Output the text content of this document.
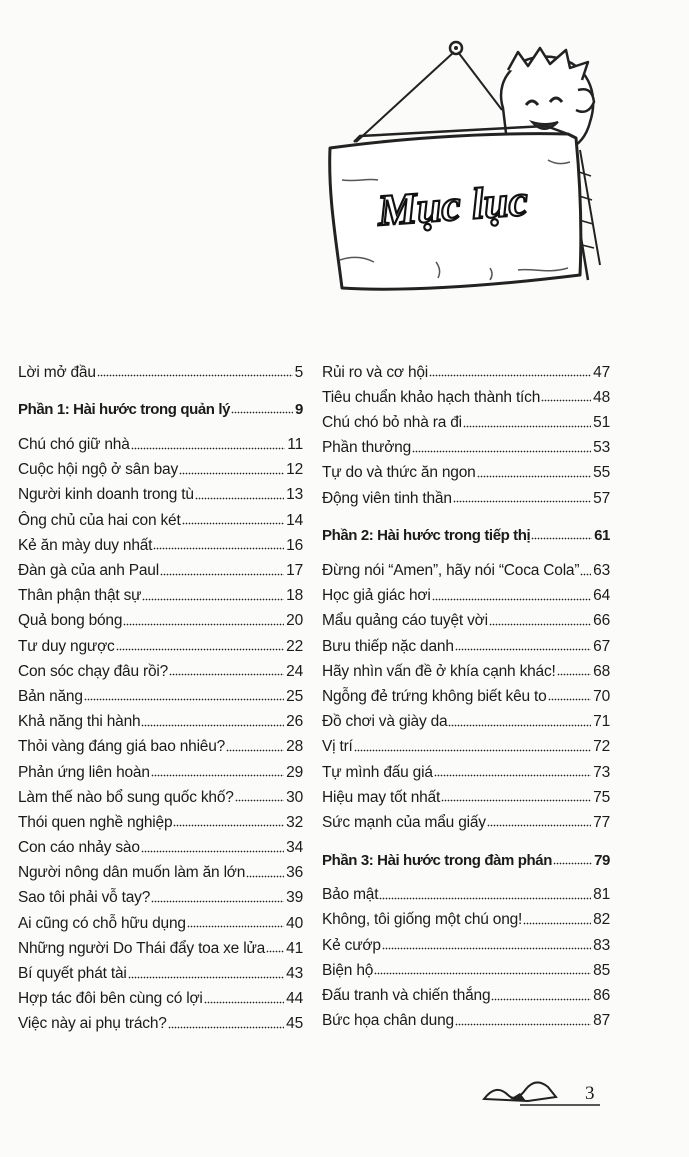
Mục lục
Lời mở đầu	5
Phần 1: Hài hước trong quản lý	9
Chú chó giữ nhà	11
Cuộc hội ngộ ở sân bay	12
Người kinh doanh trong tù	13
Ông chủ của hai con két	14
Kẻ ăn mày duy nhất	16
Đàn gà của anh Paul	17
Thân phận thật sự	18
Quả bong bóng	20
Tư duy ngược	22
Con sóc chạy đâu rồi?	24
Bản năng	25
Khả năng thi hành	26
Thỏi vàng đáng giá bao nhiêu?	28
Phản ứng liên hoàn	29
Làm thế nào bổ sung quốc khố?	30
Thói quen nghề nghiệp	32
Con cáo nhảy sào	34
Người nông dân muốn làm ăn lớn	36
Sao tôi phải vỗ tay?	39
Ai cũng có chỗ hữu dụng	40
Những người Do Thái đẩy toa xe lửa 41
Bí quyết phát tài	43
Hợp tác đôi bên cùng có lợi	44
Việc này ai phụ trách?	45
Rủi ro và cơ hội	47
Tiêu chuẩn khảo hạch thành tích	48
Chú chó bỏ nhà ra đi	51
Phần thưởng	53
Tự do và thức ăn ngon	55
Động viên tinh thần	57
Phần 2: Hài hước trong tiếp thị	61
Đừng nói “Amen”, hãy nói “Coca Cola” 63
Học giả giác hơi	64
Mẩu quảng cáo tuyệt vời	66
Bưu thiếp nặc danh	67
Hãy nhìn vấn đề ở khía cạnh khác! 68
Ngỗng đẻ trứng không biết kêu to	70
Đồ chơi và giày da	71
Vị trí	72
Tự mình đấu giá	73
Hiệu may tốt nhất	75
Sức mạnh của mẩu giấy	77
Phần 3: Hài hước trong đàm phán	79
Bảo mật	81
Không, tôi giống một chú ong!	82
Kẻ cướp	83
Biện hộ	85
Đấu tranh và chiến thắng	86
Bức họa chân dung	87
3
